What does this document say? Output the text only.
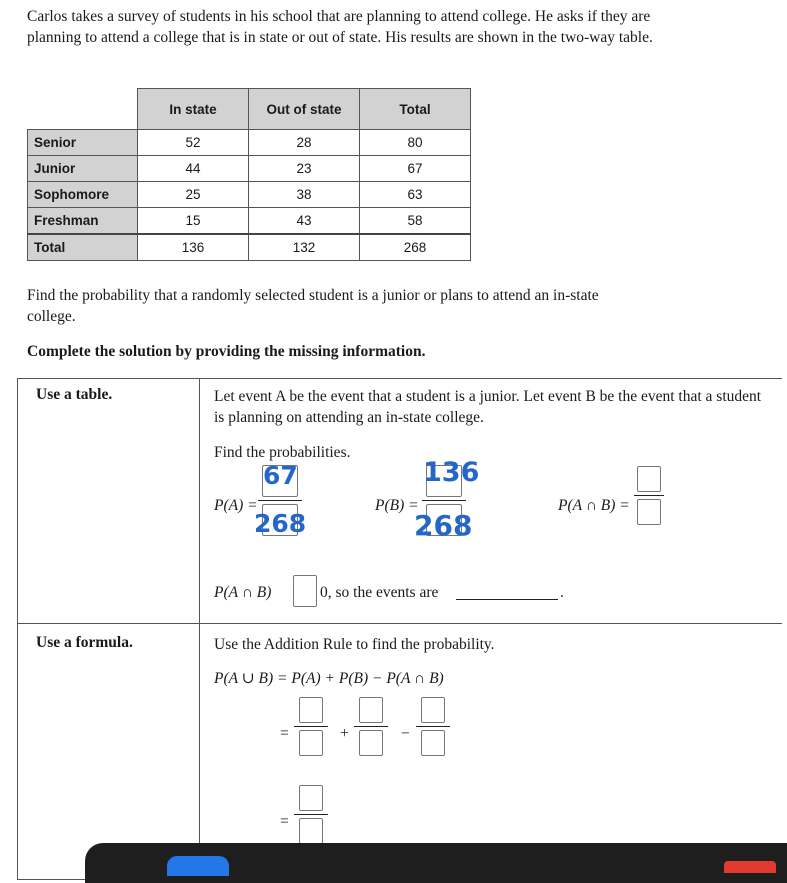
Carlos takes a survey of students in his school that are planning to attend college. He asks if they are planning to attend a college that is in state or out of state. His results are shown in the two-way table.
	In state	Out of state	Total
Senior	52	28	80
Junior	44	23	67
Sophomore	25	38	63
Freshman	15	43	58
Total	136	132	268
Find the probability that a randomly selected student is a junior or plans to attend an in-state college.
Complete the solution by providing the missing information.
Use a table.	Let event A be the event that a student is a junior. Let event B be the event that a student is planning on attending an in-state college.
Find the probabilities.
P(A) =
67
268
P(B) =
136
268
P(A ∩ B) =
P(A ∩ B)	0, so the events are	.
Use a formula.	Use the Addition Rule to find the probability.
P(A ∪ B) = P(A) + P(B) − P(A ∩ B)
=	+	−
=
